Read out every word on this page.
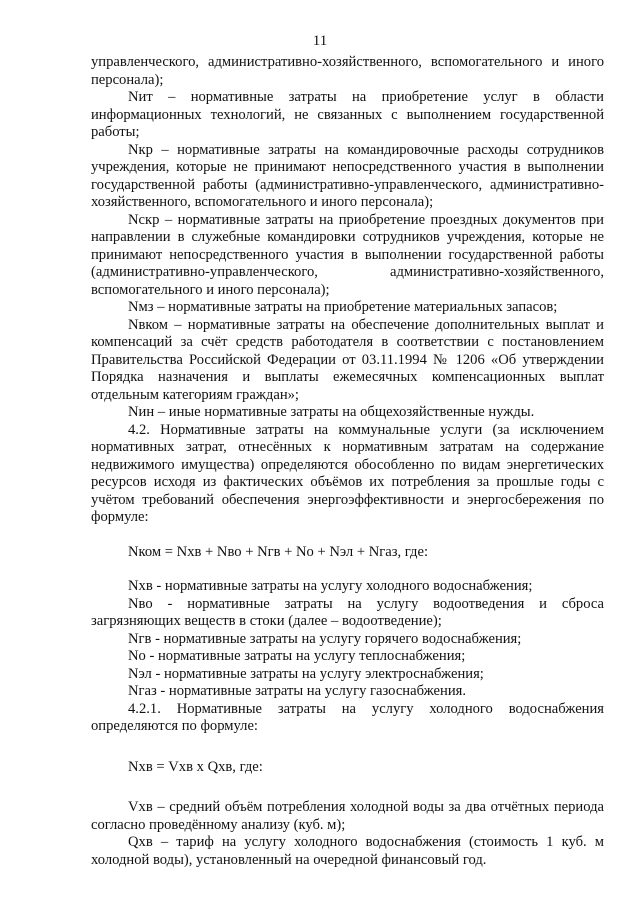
11

управленческого, административно-хозяйственного, вспомогательного и иного персонала);

Nит – нормативные затраты на приобретение услуг в области информационных технологий, не связанных с выполнением государственной работы;

Nкр – нормативные затраты на командировочные расходы сотрудников учреждения, которые не принимают непосредственного участия в выполнении государственной работы (административно-управленческого, административно-хозяйственного, вспомогательного и иного персонала);

Nскр – нормативные затраты на приобретение проездных документов при направлении в служебные командировки сотрудников учреждения, которые не принимают непосредственного участия в выполнении государственной работы (административно-управленческого, административно-хозяйственного, вспомогательного и иного персонала);

Nмз – нормативные затраты на приобретение материальных запасов;

Nвком – нормативные затраты на обеспечение дополнительных выплат и компенсаций за счёт средств работодателя в соответствии с постановлением Правительства Российской Федерации от 03.11.1994 № 1206 «Об утверждении Порядка назначения и выплаты ежемесячных компенсационных выплат отдельным категориям граждан»;

Nин – иные нормативные затраты на общехозяйственные нужды.

4.2. Нормативные затраты на коммунальные услуги (за исключением нормативных затрат, отнесённых к нормативным затратам на содержание недвижимого имущества) определяются обособленно по видам энергетических ресурсов исходя из фактических объёмов их потребления за прошлые годы с учётом требований обеспечения энергоэффективности и энергосбережения по формуле:

Nком = Nхв + Nво + Nгв + Nо + Nэл + Nгаз, где:

Nхв - нормативные затраты на услугу холодного водоснабжения;

Nво - нормативные затраты на услугу водоотведения и сброса загрязняющих веществ в стоки (далее – водоотведение);

Nгв - нормативные затраты на услугу горячего водоснабжения;

Nо - нормативные затраты на услугу теплоснабжения;

Nэл - нормативные затраты на услугу электроснабжения;

Nгаз - нормативные затраты на услугу газоснабжения.

4.2.1. Нормативные затраты на услугу холодного водоснабжения определяются по формуле:

Nхв = Vхв x Qхв, где:

Vхв – средний объём потребления холодной воды за два отчётных периода согласно проведённому анализу (куб. м);

Qхв – тариф на услугу холодного водоснабжения (стоимость 1 куб. м холодной воды), установленный на очередной финансовый год.
